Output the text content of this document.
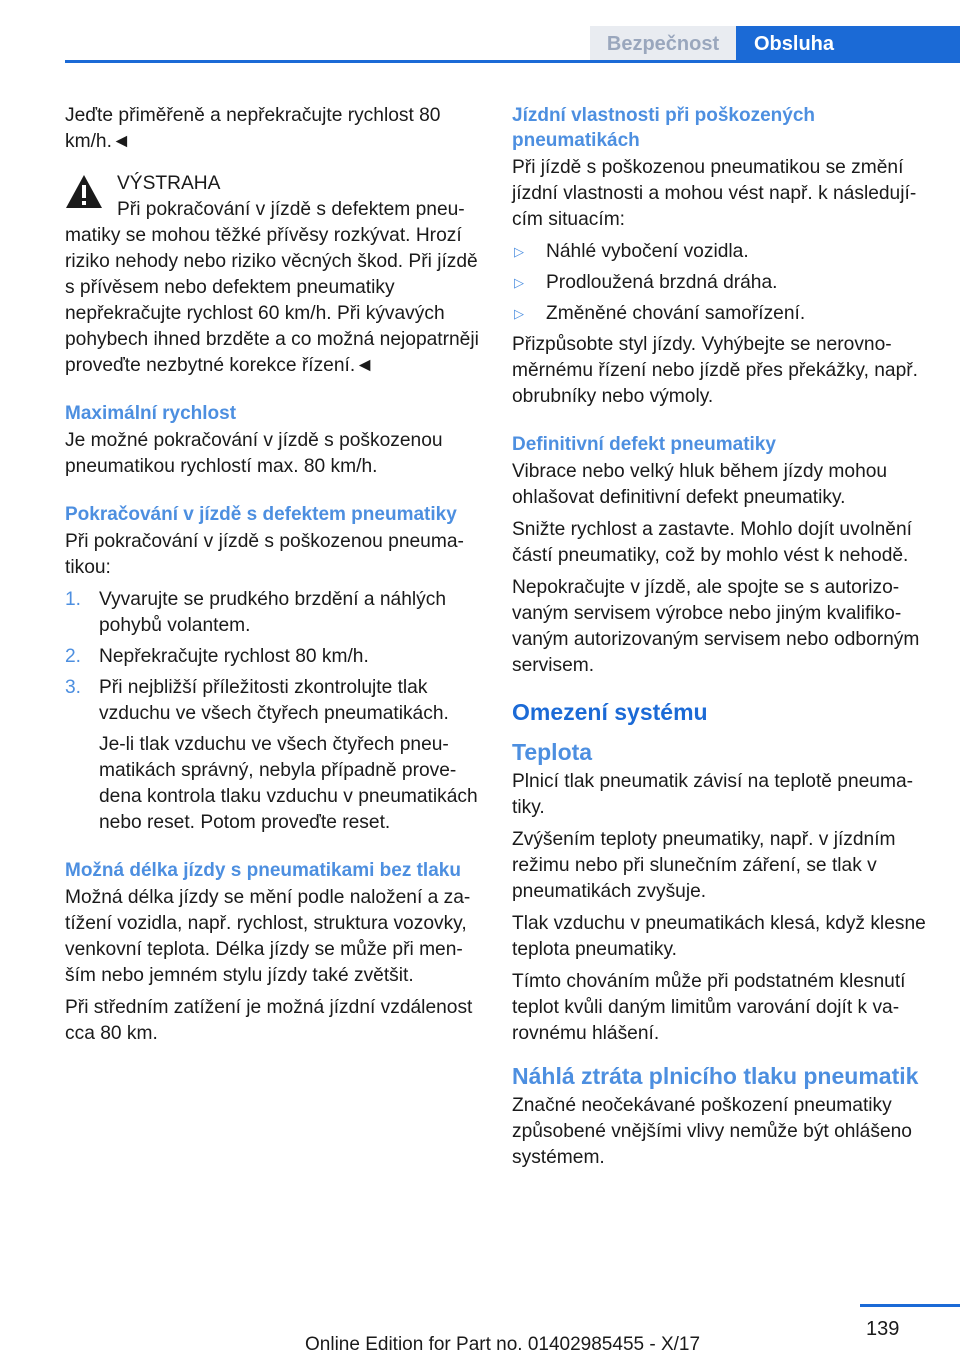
Bezpečnost	Obsluha

Jeďte přiměřeně a nepřekračujte rychlost 80 km/h.◄

VÝSTRAHA

Při pokračování v jízdě s defektem pneumatiky se mohou těžké přívěsy rozkývat. Hrozí riziko nehody nebo riziko věcných škod. Při jízdě s přívěsem nebo defektem pneumatiky nepřekračujte rychlost 60 km/h. Při kývavých pohybech ihned brzděte a co možná nejopatrněji proveďte nezbytné korekce řízení.◄

Maximální rychlost

Je možné pokračování v jízdě s poškozenou pneumatikou rychlostí max. 80 km/h.

Pokračování v jízdě s defektem pneumatiky

Při pokračování v jízdě s poškozenou pneumatikou:

1. Vyvarujte se prudkého brzdění a náhlých pohybů volantem.
2. Nepřekračujte rychlost 80 km/h.
3. Při nejbližší příležitosti zkontrolujte tlak vzduchu ve všech čtyřech pneumatikách.

Je-li tlak vzduchu ve všech čtyřech pneumatikách správný, nebyla případně provedena kontrola tlaku vzduchu v pneumatikách nebo reset. Potom proveďte reset.

Možná délka jízdy s pneumatikami bez tlaku

Možná délka jízdy se mění podle naložení a zatížení vozidla, např. rychlost, struktura vozovky, venkovní teplota. Délka jízdy se může při menším nebo jemném stylu jízdy také zvětšit.

Při středním zatížení je možná jízdní vzdálenost cca 80 km.

Jízdní vlastnosti při poškozených pneumatikách

Při jízdě s poškozenou pneumatikou se změní jízdní vlastnosti a mohou vést např. k následujícím situacím:

▷	Náhlé vybočení vozidla.
▷	Prodloužená brzdná dráha.
▷	Změněné chování samořízení.

Přizpůsobte styl jízdy. Vyhýbejte se nerovnoměrnému řízení nebo jízdě přes překážky, např. obrubníky nebo výmoly.

Definitivní defekt pneumatiky

Vibrace nebo velký hluk během jízdy mohou ohlašovat definitivní defekt pneumatiky.

Snižte rychlost a zastavte. Mohlo dojít uvolnění částí pneumatiky, což by mohlo vést k nehodě.

Nepokračujte v jízdě, ale spojte se s autorizovaným servisem výrobce nebo jiným kvalifikovaným autorizovaným servisem nebo odborným servisem.

Omezení systému
Teplota

Plnicí tlak pneumatik závisí na teplotě pneumatiky.

Zvýšením teploty pneumatiky, např. v jízdním režimu nebo při slunečním záření, se tlak v pneumatikách zvyšuje.

Tlak vzduchu v pneumatikách klesá, když klesne teplota pneumatiky.

Tímto chováním může při podstatném klesnutí teplot kvůli daným limitům varování dojít k varovnému hlášení.

Náhlá ztráta plnicího tlaku pneumatik

Značné neočekávané poškození pneumatiky způsobené vnějšími vlivy nemůže být ohlášeno systémem.

139
Online Edition for Part no. 01402985455 - X/17
